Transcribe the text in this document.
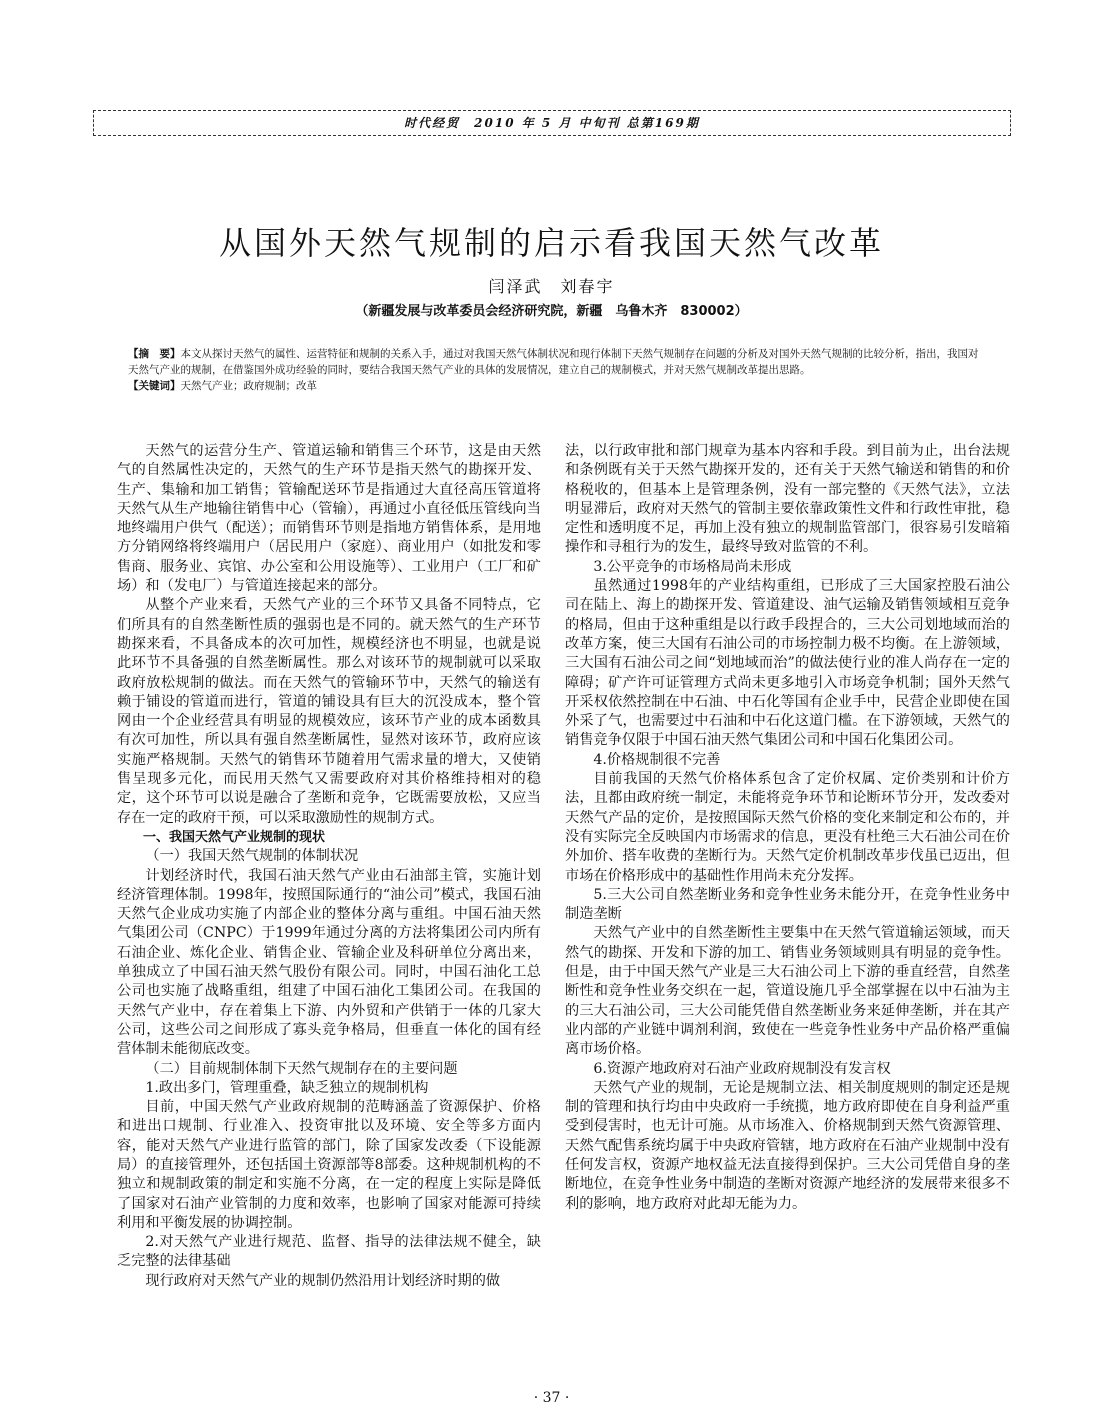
时代经贸　2010 年 5 月 中旬刊 总第169期
从国外天然气规制的启示看我国天然气改革
闫泽武　刘春宇
（新疆发展与改革委员会经济研究院，新疆　乌鲁木齐　830002）
【摘　要】本文从探讨天然气的属性、运营特征和规制的关系入手，通过对我国天然气体制状况和现行体制下天然气规制存在问题的分析及对国外天然气规制的比较分析，指出，我国对天然气产业的规制，在借鉴国外成功经验的同时，要结合我国天然气产业的具体的发展情况，建立自己的规制模式，并对天然气规制改革提出思路。
【关键词】天然气产业；政府规制；改革

天然气的运营分生产、管道运输和销售三个环节，这是由天然气的自然属性决定的，天然气的生产环节是指天然气的勘探开发、生产、集输和加工销售；管输配送环节是指通过大直径高压管道将天然气从生产地输往销售中心（管输），再通过小直径低压管线向当地终端用户供气（配送）；而销售环节则是指地方销售体系，是用地方分销网络将终端用户（居民用户（家庭）、商业用户（如批发和零售商、服务业、宾馆、办公室和公用设施等）、工业用户（工厂和矿场）和（发电厂）与管道连接起来的部分。

从整个产业来看，天然气产业的三个环节又具备不同特点，它们所具有的自然垄断性质的强弱也是不同的。就天然气的生产环节勘探来看，不具备成本的次可加性，规模经济也不明显，也就是说此环节不具备强的自然垄断属性。那么对该环节的规制就可以采取政府放松规制的做法。而在天然气的管输环节中，天然气的输送有赖于铺设的管道而进行，管道的铺设具有巨大的沉没成本，整个管网由一个企业经营具有明显的规模效应，该环节产业的成本函数具有次可加性，所以具有强自然垄断属性，显然对该环节，政府应该实施严格规制。天然气的销售环节随着用气需求量的增大，又使销售呈现多元化，而民用天然气又需要政府对其价格维持相对的稳定，这个环节可以说是融合了垄断和竞争，它既需要放松，又应当存在一定的政府干预，可以采取激励性的规制方式。

一、我国天然气产业规制的现状

（一）我国天然气规制的体制状况

计划经济时代，我国石油天然气产业由石油部主管，实施计划经济管理体制。1998年，按照国际通行的“油公司”模式，我国石油天然气企业成功实施了内部企业的整体分离与重组。中国石油天然气集团公司（CNPC）于1999年通过分离的方法将集团公司内所有石油企业、炼化企业、销售企业、管输企业及科研单位分离出来，单独成立了中国石油天然气股份有限公司。同时，中国石油化工总公司也实施了战略重组，组建了中国石油化工集团公司。在我国的天然气产业中，存在着集上下游、内外贸和产供销于一体的几家大公司，这些公司之间形成了寡头竞争格局，但垂直一体化的国有经营体制未能彻底改变。

（二）目前规制体制下天然气规制存在的主要问题

1.政出多门，管理重叠，缺乏独立的规制机构

目前，中国天然气产业政府规制的范畴涵盖了资源保护、价格和进出口规制、行业准入、投资审批以及环境、安全等多方面内容，能对天然气产业进行监管的部门，除了国家发改委（下设能源局）的直接管理外，还包括国土资源部等8部委。这种规制机构的不独立和规制政策的制定和实施不分离，在一定的程度上实际是降低了国家对石油产业管制的力度和效率，也影响了国家对能源可持续利用和平衡发展的协调控制。

2.对天然气产业进行规范、监督、指导的法律法规不健全，缺乏完整的法律基础

现行政府对天然气产业的规制仍然沿用计划经济时期的做

法，以行政审批和部门规章为基本内容和手段。到目前为止，出台法规和条例既有关于天然气勘探开发的，还有关于天然气输送和销售的和价格税收的，但基本上是管理条例，没有一部完整的《天然气法》，立法明显滞后，政府对天然气的管制主要依靠政策性文件和行政性审批，稳定性和透明度不足，再加上没有独立的规制监管部门，很容易引发暗箱操作和寻租行为的发生，最终导致对监管的不利。

3.公平竞争的市场格局尚未形成

虽然通过1998年的产业结构重组，已形成了三大国家控股石油公司在陆上、海上的勘探开发、管道建设、油气运输及销售领域相互竞争的格局，但由于这种重组是以行政手段捏合的，三大公司划地域而治的改革方案，使三大国有石油公司的市场控制力极不均衡。在上游领域，三大国有石油公司之间“划地域而治”的做法使行业的准人尚存在一定的障碍；矿产许可证管理方式尚未更多地引入市场竞争机制；国外天然气开采权依然控制在中石油、中石化等国有企业手中，民营企业即使在国外采了气，也需要过中石油和中石化这道门槛。在下游领域，天然气的销售竞争仅限于中国石油天然气集团公司和中国石化集团公司。

4.价格规制很不完善

目前我国的天然气价格体系包含了定价权属、定价类别和计价方法，且都由政府统一制定，未能将竞争环节和论断环节分开，发改委对天然气产品的定价，是按照国际天然气价格的变化来制定和公布的，并没有实际完全反映国内市场需求的信息，更没有杜绝三大石油公司在价外加价、搭车收费的垄断行为。天然气定价机制改革步伐虽已迈出，但市场在价格形成中的基础性作用尚未充分发挥。

5.三大公司自然垄断业务和竞争性业务未能分开，在竞争性业务中制造垄断

天然气产业中的自然垄断性主要集中在天然气管道输运领域，而天然气的勘探、开发和下游的加工、销售业务领域则具有明显的竞争性。但是，由于中国天然气产业是三大石油公司上下游的垂直经营，自然垄断性和竞争性业务交织在一起，管道设施几乎全部掌握在以中石油为主的三大石油公司，三大公司能凭借自然垄断业务来延伸垄断，并在其产业内部的产业链中调剂利润，致使在一些竞争性业务中产品价格严重偏离市场价格。

6.资源产地政府对石油产业政府规制没有发言权

天然气产业的规制，无论是规制立法、相关制度规则的制定还是规制的管理和执行均由中央政府一手统揽，地方政府即使在自身利益严重受到侵害时，也无计可施。从市场准入、价格规制到天然气资源管理、天然气配售系统均属于中央政府管辖，地方政府在石油产业规制中没有任何发言权，资源产地权益无法直接得到保护。三大公司凭借自身的垄断地位，在竞争性业务中制造的垄断对资源产地经济的发展带来很多不利的影响，地方政府对此却无能为力。

· 37 ·
